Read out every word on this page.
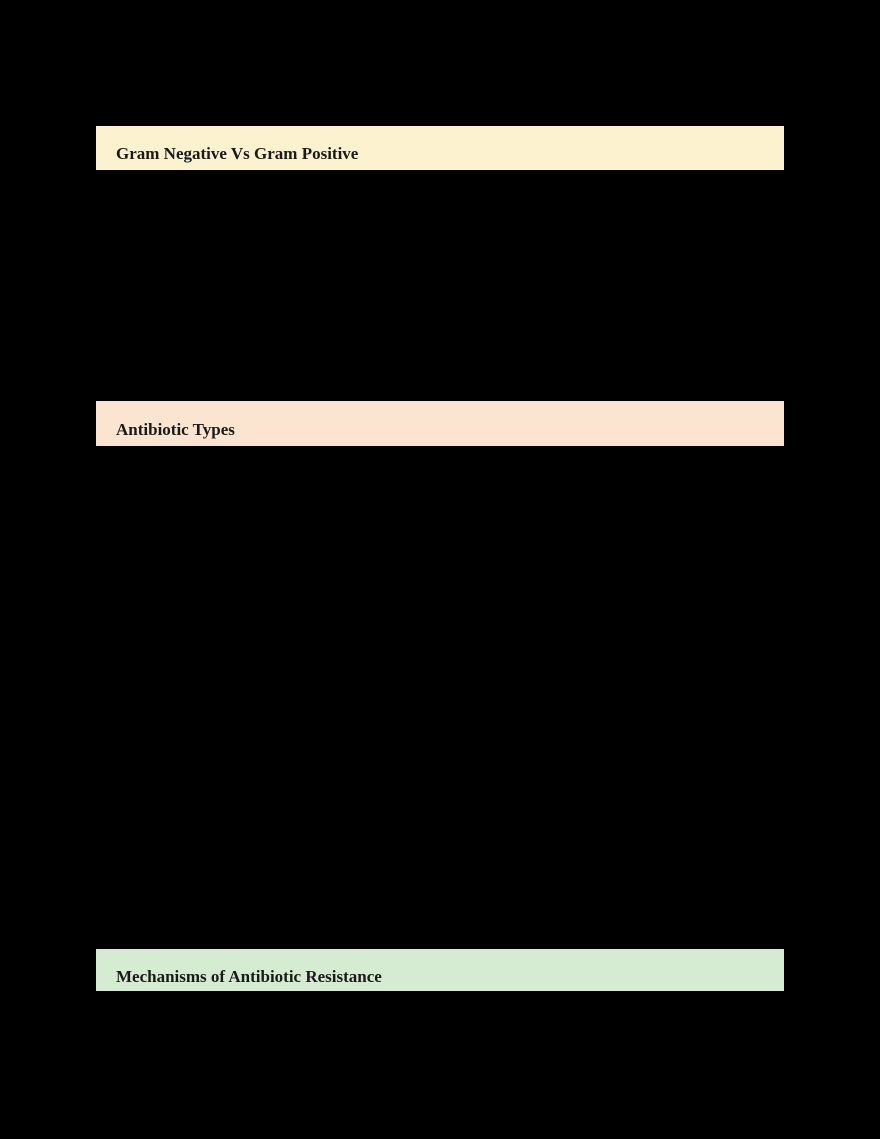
Gram Negative Vs Gram Positive
Antibiotic Types
Mechanisms of Antibiotic Resistance
